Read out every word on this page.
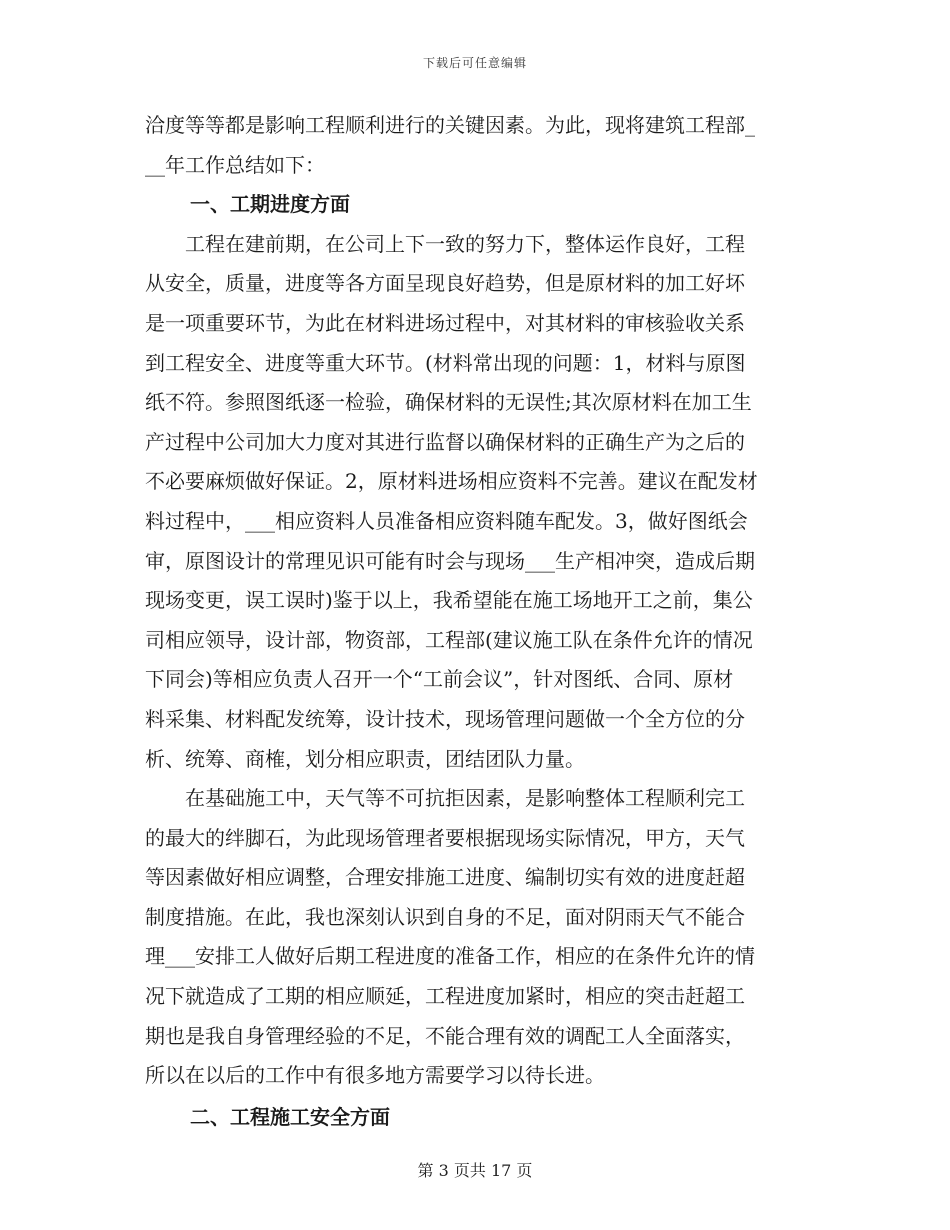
下载后可任意编辑
洽度等等都是影响工程顺利进行的关键因素。为此，现将建筑工程部_
__年工作总结如下：
一、工期进度方面
工程在建前期，在公司上下一致的努力下，整体运作良好，工程
从安全，质量，进度等各方面呈现良好趋势，但是原材料的加工好坏
是一项重要环节，为此在材料进场过程中，对其材料的审核验收关系
到工程安全、进度等重大环节。(材料常出现的问题：1，材料与原图
纸不符。参照图纸逐一检验，确保材料的无误性;其次原材料在加工生
产过程中公司加大力度对其进行监督以确保材料的正确生产为之后的
不必要麻烦做好保证。2，原材料进场相应资料不完善。建议在配发材
料过程中，___相应资料人员准备相应资料随车配发。3，做好图纸会
审，原图设计的常理见识可能有时会与现场___生产相冲突，造成后期
现场变更，误工误时)鉴于以上，我希望能在施工场地开工之前，集公
司相应领导，设计部，物资部，工程部(建议施工队在条件允许的情况
下同会)等相应负责人召开一个“工前会议”，针对图纸、合同、原材
料采集、材料配发统筹，设计技术，现场管理问题做一个全方位的分
析、统筹、商榷，划分相应职责，团结团队力量。
在基础施工中，天气等不可抗拒因素，是影响整体工程顺利完工
的最大的绊脚石，为此现场管理者要根据现场实际情况，甲方，天气
等因素做好相应调整，合理安排施工进度、编制切实有效的进度赶超
制度措施。在此，我也深刻认识到自身的不足，面对阴雨天气不能合
理___安排工人做好后期工程进度的准备工作，相应的在条件允许的情
况下就造成了工期的相应顺延，工程进度加紧时，相应的突击赶超工
期也是我自身管理经验的不足，不能合理有效的调配工人全面落实，
所以在以后的工作中有很多地方需要学习以待长进。
二、工程施工安全方面
第 3 页共 17 页
